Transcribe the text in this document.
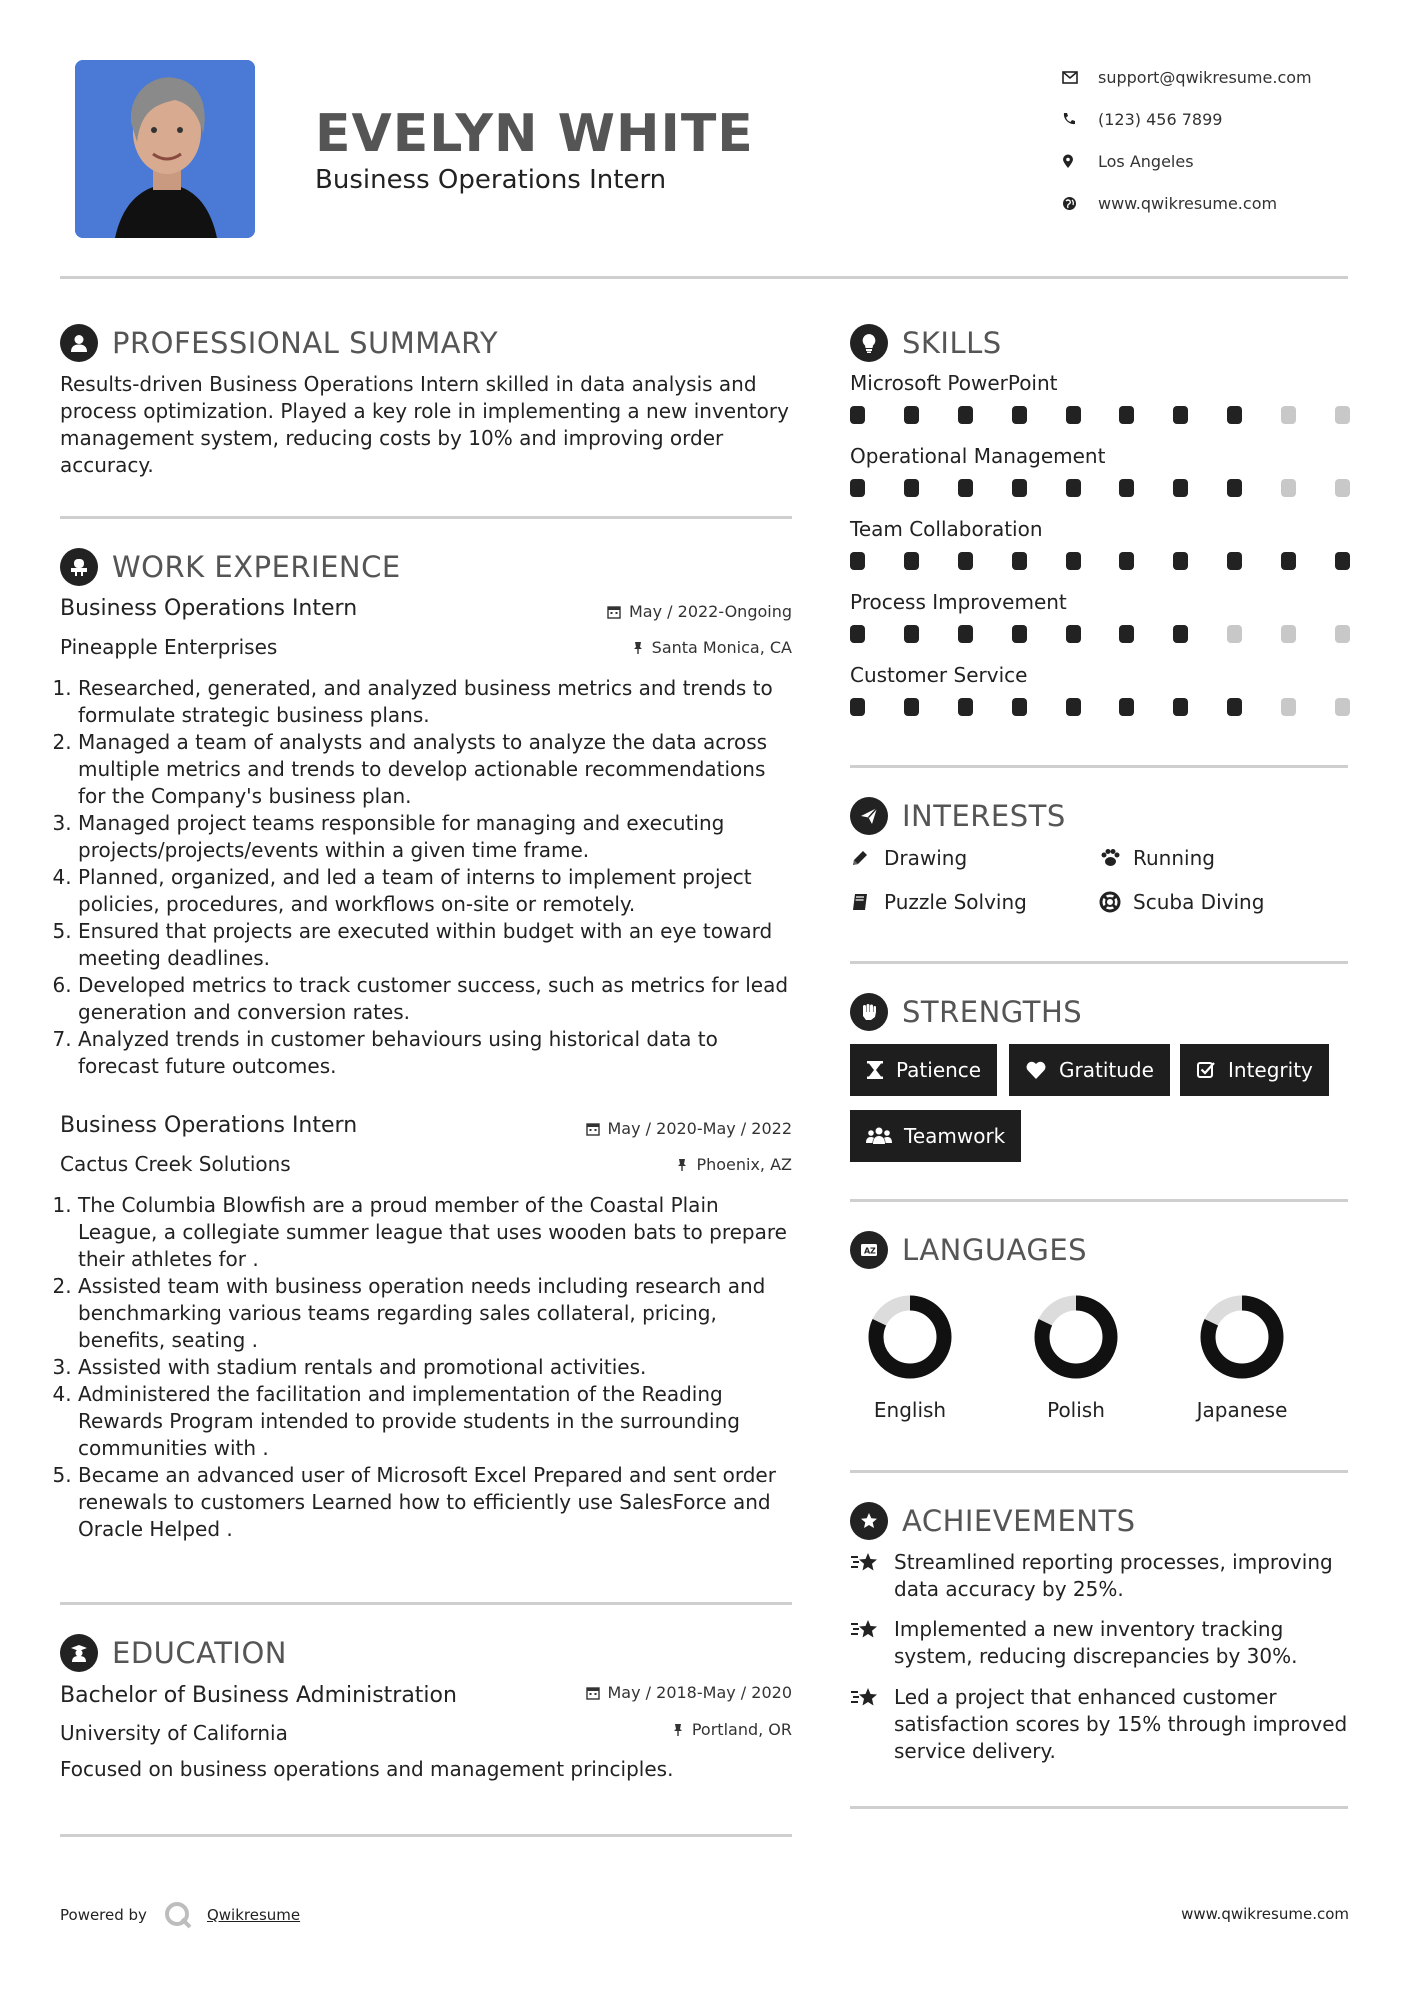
EVELYN WHITE
Business Operations Intern
support@qwikresume.com
(123) 456 7899
Los Angeles
www.qwikresume.com
PROFESSIONAL SUMMARY
Results-driven Business Operations Intern skilled in data analysis and process optimization. Played a key role in implementing a new inventory management system, reducing costs by 10% and improving order accuracy.
WORK EXPERIENCE
Business Operations Intern	May / 2022-Ongoing
Pineapple Enterprises	Santa Monica, CA
1. Researched, generated, and analyzed business metrics and trends to formulate strategic business plans.
2. Managed a team of analysts and analysts to analyze the data across multiple metrics and trends to develop actionable recommendations for the Company's business plan.
3. Managed project teams responsible for managing and executing projects/projects/events within a given time frame.
4. Planned, organized, and led a team of interns to implement project policies, procedures, and workflows on-site or remotely.
5. Ensured that projects are executed within budget with an eye toward meeting deadlines.
6. Developed metrics to track customer success, such as metrics for lead generation and conversion rates.
7. Analyzed trends in customer behaviours using historical data to forecast future outcomes.
Business Operations Intern	May / 2020-May / 2022
Cactus Creek Solutions	Phoenix, AZ
1. The Columbia Blowfish are a proud member of the Coastal Plain League, a collegiate summer league that uses wooden bats to prepare their athletes for .
2. Assisted team with business operation needs including research and benchmarking various teams regarding sales collateral, pricing, benefits, seating .
3. Assisted with stadium rentals and promotional activities.
4. Administered the facilitation and implementation of the Reading Rewards Program intended to provide students in the surrounding communities with .
5. Became an advanced user of Microsoft Excel Prepared and sent order renewals to customers Learned how to efficiently use SalesForce and Oracle Helped .
EDUCATION
Bachelor of Business Administration	May / 2018-May / 2020
University of California	Portland, OR
Focused on business operations and management principles.
SKILLS
Microsoft PowerPoint
Operational Management
Team Collaboration
Process Improvement
Customer Service
INTERESTS
Drawing	Running
Puzzle Solving	Scuba Diving
STRENGTHS
Patience	Gratitude	Integrity
Teamwork
A Z LANGUAGES
English	Polish	Japanese
ACHIEVEMENTS
Streamlined reporting processes, improving data accuracy by 25%.
Implemented a new inventory tracking system, reducing discrepancies by 30%.
Led a project that enhanced customer satisfaction scores by 15% through improved service delivery.
Powered by	Qwikresume	www.qwikresume.com
